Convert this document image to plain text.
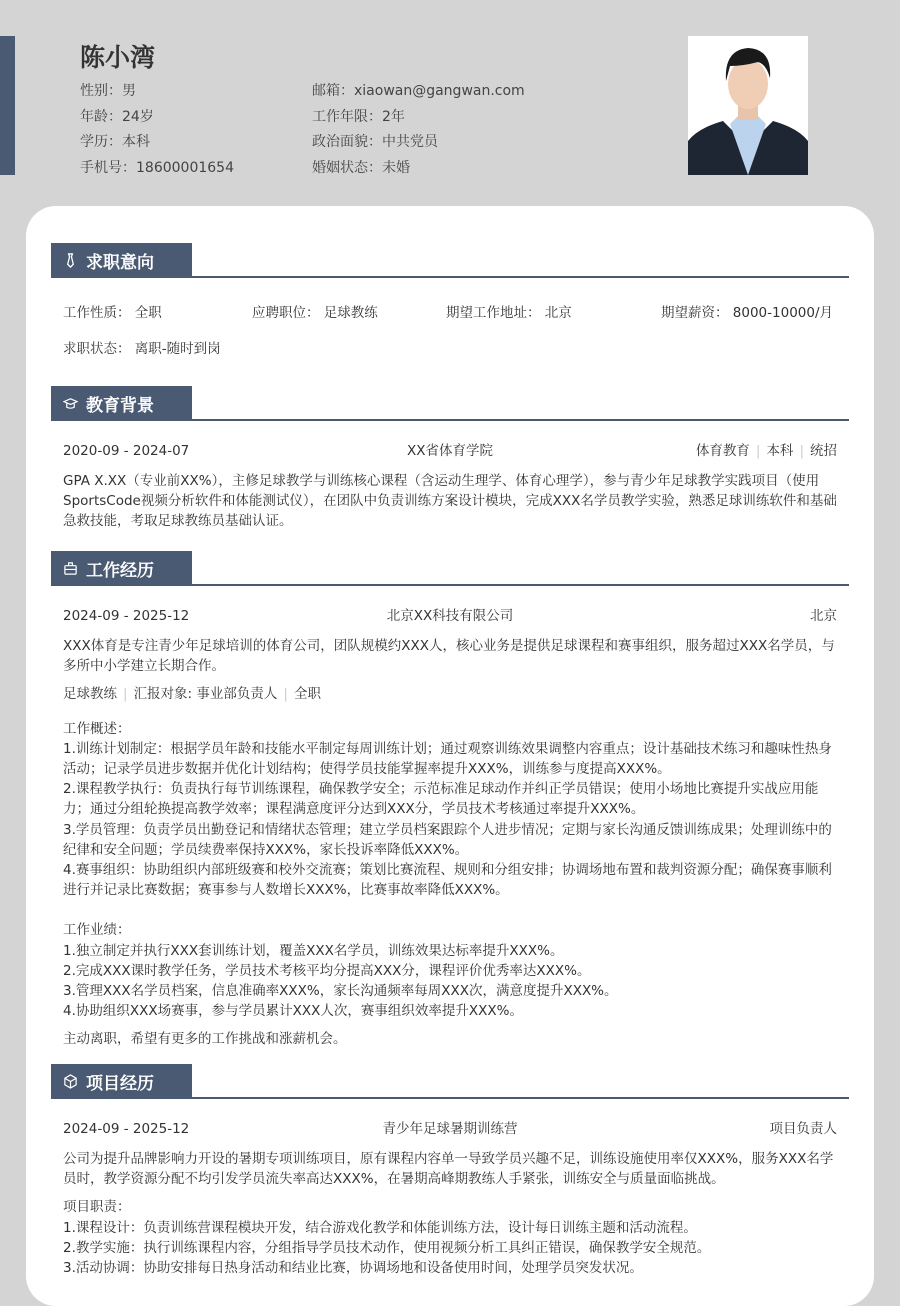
陈小湾
性别：男
年龄：24岁
学历：本科
手机号：18600001654
邮箱：xiaowan@gangwan.com
工作年限：2年
政治面貌：中共党员
婚姻状态：未婚
求职意向
工作性质： 全职	应聘职位： 足球教练	期望工作地址： 北京	期望薪资： 8000-10000/月
求职状态： 离职-随时到岗
教育背景
2020-09 - 2024-07	XX省体育学院	体育教育 | 本科 | 统招
GPA X.XX（专业前XX%），主修足球教学与训练核心课程（含运动生理学、体育心理学），参与青少年足球教学实践项目（使用SportsCode视频分析软件和体能测试仪），在团队中负责训练方案设计模块，完成XXX名学员教学实验，熟悉足球训练软件和基础急救技能，考取足球教练员基础认证。
工作经历
2024-09 - 2025-12	北京XX科技有限公司	北京
XXX体育是专注青少年足球培训的体育公司，团队规模约XXX人，核心业务是提供足球课程和赛事组织，服务超过XXX名学员，与多所中小学建立长期合作。
足球教练 | 汇报对象: 事业部负责人 | 全职
工作概述：
1.训练计划制定：根据学员年龄和技能水平制定每周训练计划；通过观察训练效果调整内容重点；设计基础技术练习和趣味性热身活动；记录学员进步数据并优化计划结构；使得学员技能掌握率提升XXX%，训练参与度提高XXX%。
2.课程教学执行：负责执行每节训练课程，确保教学安全；示范标准足球动作并纠正学员错误；使用小场地比赛提升实战应用能力；通过分组轮换提高教学效率；课程满意度评分达到XXX分，学员技术考核通过率提升XXX%。
3.学员管理：负责学员出勤登记和情绪状态管理；建立学员档案跟踪个人进步情况；定期与家长沟通反馈训练成果；处理训练中的纪律和安全问题；学员续费率保持XXX%，家长投诉率降低XXX%。
4.赛事组织：协助组织内部班级赛和校外交流赛；策划比赛流程、规则和分组安排；协调场地布置和裁判资源分配；确保赛事顺利进行并记录比赛数据；赛事参与人数增长XXX%，比赛事故率降低XXX%。
工作业绩：
1.独立制定并执行XXX套训练计划，覆盖XXX名学员，训练效果达标率提升XXX%。
2.完成XXX课时教学任务，学员技术考核平均分提高XXX分，课程评价优秀率达XXX%。
3.管理XXX名学员档案，信息准确率XXX%，家长沟通频率每周XXX次，满意度提升XXX%。
4.协助组织XXX场赛事，参与学员累计XXX人次，赛事组织效率提升XXX%。
主动离职，希望有更多的工作挑战和涨薪机会。
项目经历
2024-09 - 2025-12	青少年足球暑期训练营	项目负责人
公司为提升品牌影响力开设的暑期专项训练项目，原有课程内容单一导致学员兴趣不足，训练设施使用率仅XXX%，服务XXX名学员时，教学资源分配不均引发学员流失率高达XXX%，在暑期高峰期教练人手紧张，训练安全与质量面临挑战。
项目职责：
1.课程设计：负责训练营课程模块开发，结合游戏化教学和体能训练方法，设计每日训练主题和活动流程。
2.教学实施：执行训练课程内容，分组指导学员技术动作，使用视频分析工具纠正错误，确保教学安全规范。
3.活动协调：协助安排每日热身活动和结业比赛，协调场地和设备使用时间，处理学员突发状况。
